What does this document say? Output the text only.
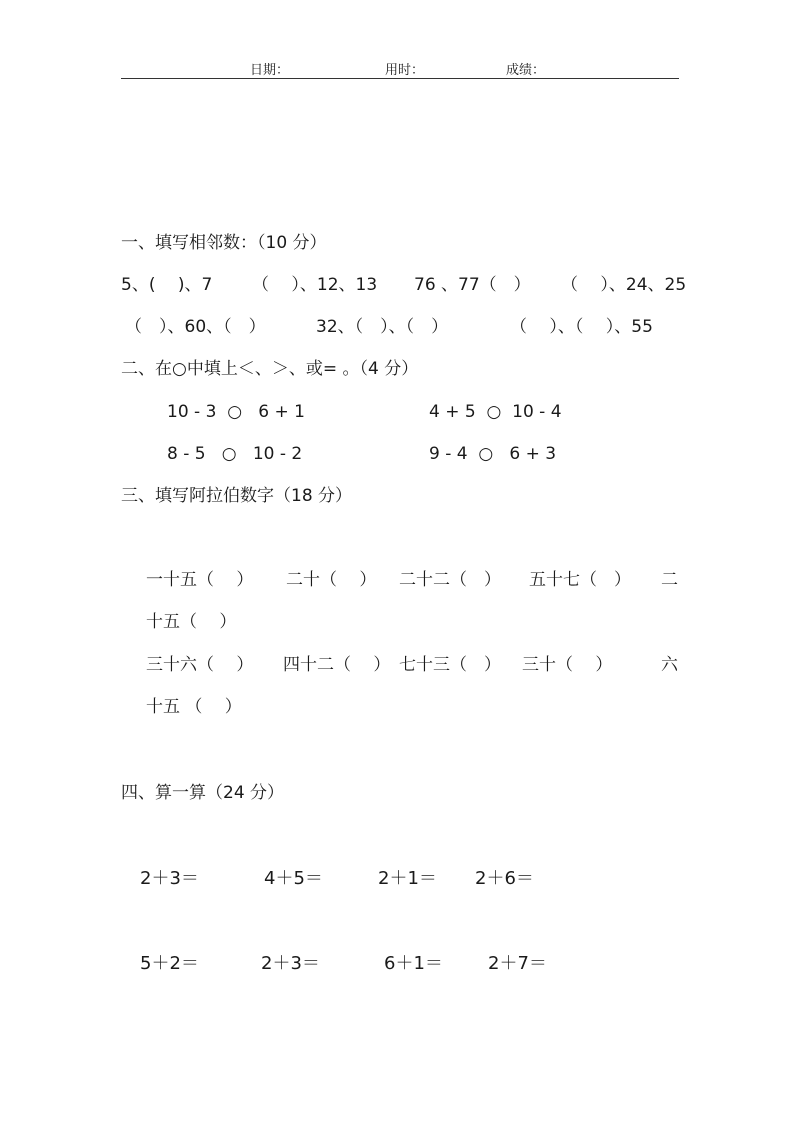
日期：	用时：	成绩：
一、填写相邻数：（10 分）
5、(　 )、7 （　 ）、12、13 76 、77（　） （　 ）、24、25
（　）、60、（　）	32、（　）、（　）	（　 ）、（　 ）、55
二、在○中填上＜、＞、或= 。（4 分）
10 - 3  ○   6 + 1	4 + 5  ○  10 - 4
8 - 5   ○   10 - 2	9 - 4  ○   6 + 3
三、填写阿拉伯数字（18 分）
一十五（　 ） 二十（　 ） 二十二（　） 五十七（　） 二
十五（　 ）
三十六（　 ） 四十二（　 ） 七十三（　） 三十（　 ）	六
十五 （　 ）
四、算一算（24 分）
2＋3＝	4＋5＝	2＋1＝ 2＋6＝
5＋2＝	2＋3＝	6＋1＝	2＋7＝
